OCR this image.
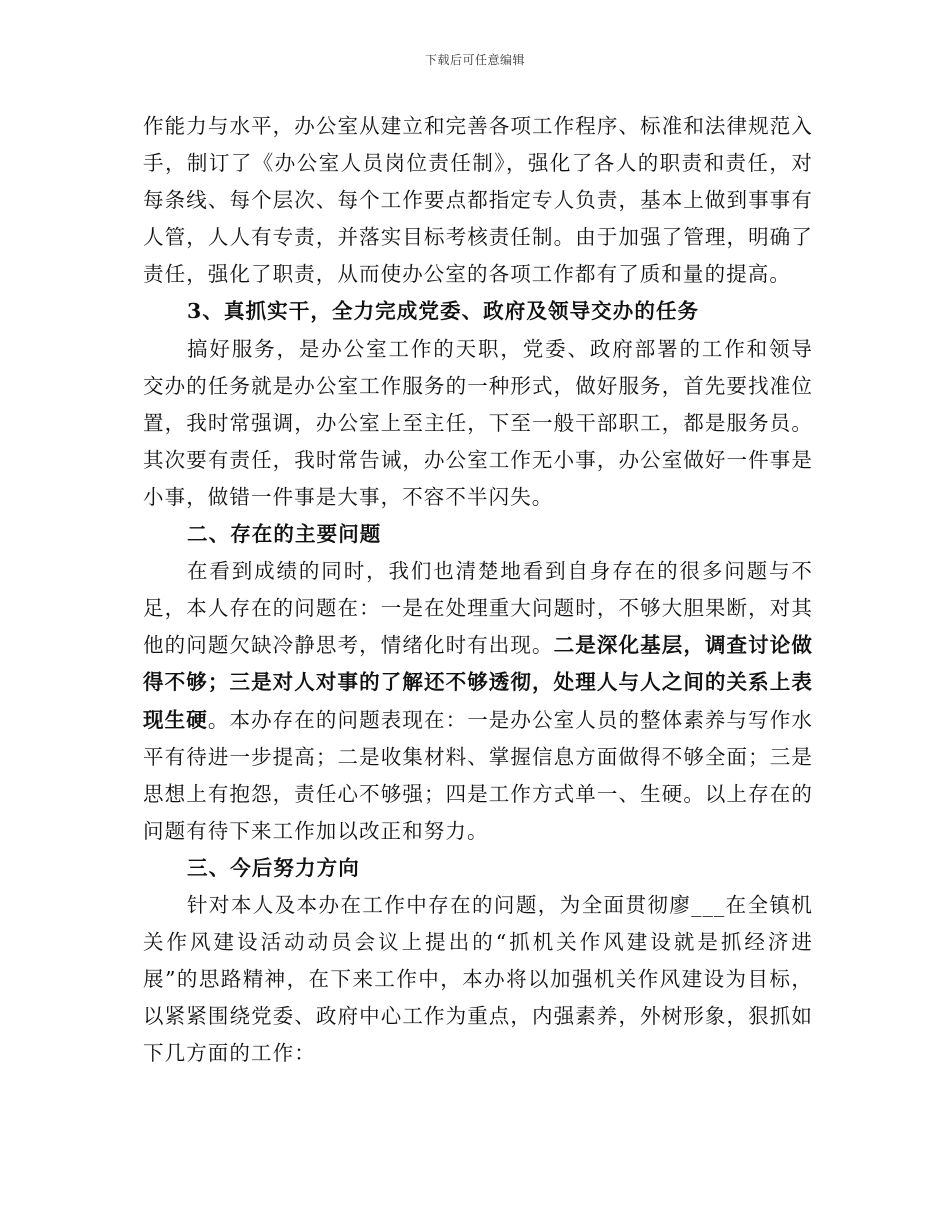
下载后可任意编辑

作能力与水平，办公室从建立和完善各项工作程序、标准和法律规范入手，制订了《办公室人员岗位责任制》，强化了各人的职责和责任，对每条线、每个层次、每个工作要点都指定专人负责，基本上做到事事有人管，人人有专责，并落实目标考核责任制。由于加强了管理，明确了责任，强化了职责，从而使办公室的各项工作都有了质和量的提高。

3、真抓实干，全力完成党委、政府及领导交办的任务

搞好服务，是办公室工作的天职，党委、政府部署的工作和领导交办的任务就是办公室工作服务的一种形式，做好服务，首先要找准位置，我时常强调，办公室上至主任，下至一般干部职工，都是服务员。其次要有责任，我时常告诫，办公室工作无小事，办公室做好一件事是小事，做错一件事是大事，不容不半闪失。

二、存在的主要问题

在看到成绩的同时，我们也清楚地看到自身存在的很多问题与不足，本人存在的问题在：一是在处理重大问题时，不够大胆果断，对其他的问题欠缺冷静思考，情绪化时有出现。二是深化基层，调查讨论做得不够；三是对人对事的了解还不够透彻，处理人与人之间的关系上表现生硬。本办存在的问题表现在：一是办公室人员的整体素养与写作水平有待进一步提高；二是收集材料、掌握信息方面做得不够全面；三是思想上有抱怨，责任心不够强；四是工作方式单一、生硬。以上存在的问题有待下来工作加以改正和努力。

三、今后努力方向

针对本人及本办在工作中存在的问题，为全面贯彻廖___在全镇机关作风建设活动动员会议上提出的“抓机关作风建设就是抓经济进展”的思路精神，在下来工作中，本办将以加强机关作风建设为目标，以紧紧围绕党委、政府中心工作为重点，内强素养，外树形象，狠抓如下几方面的工作：
